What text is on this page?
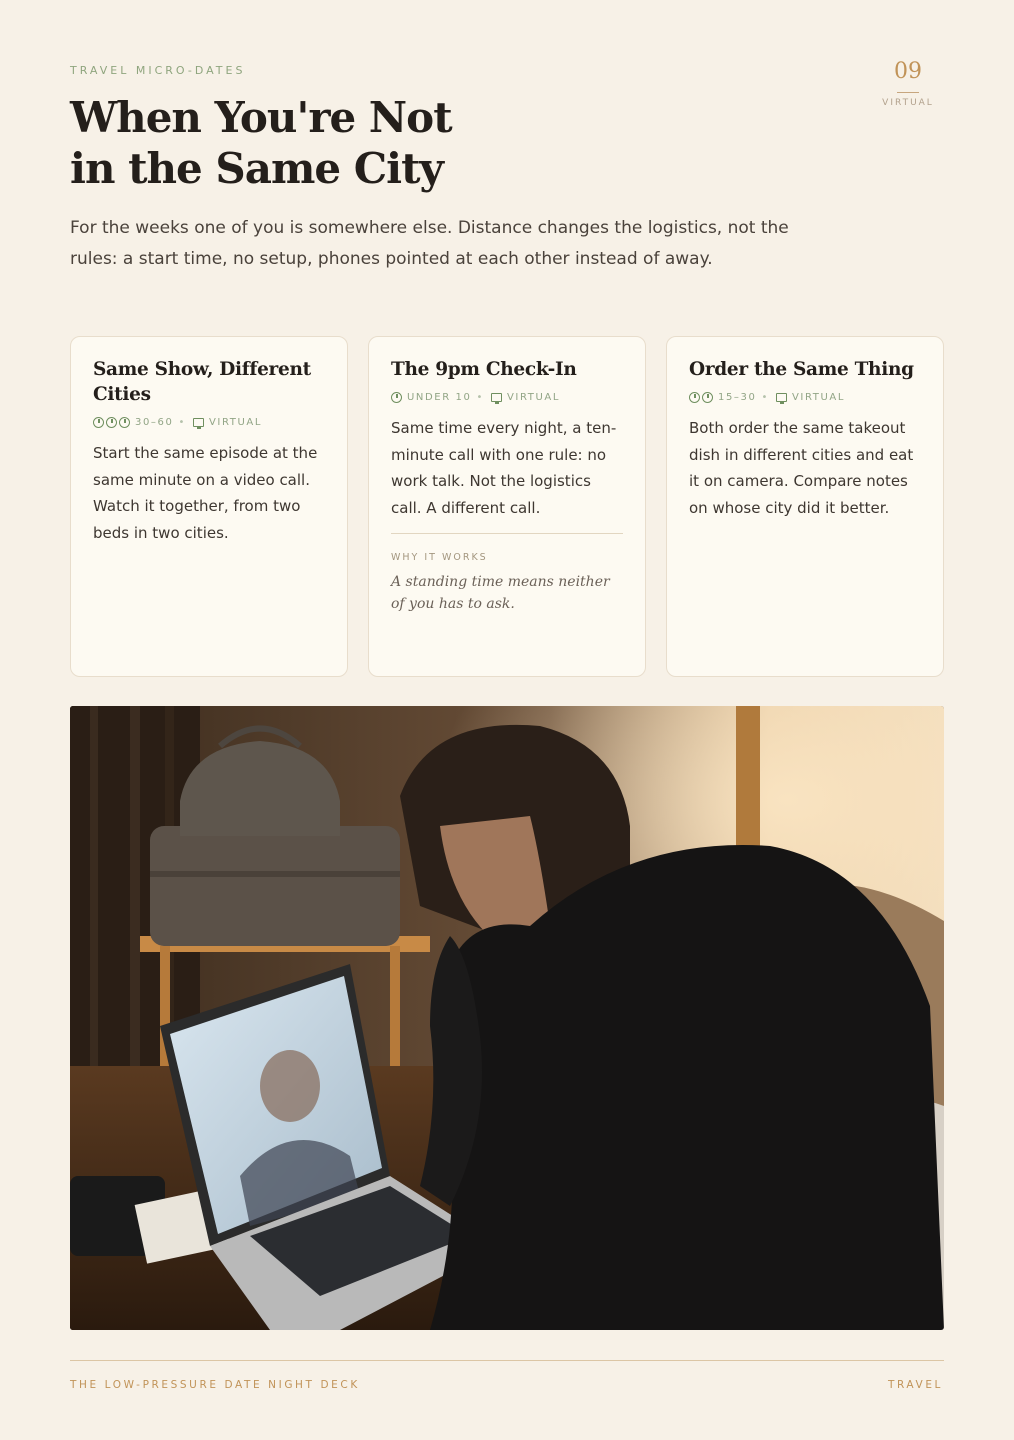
TRAVEL MICRO-DATES	09
VIRTUAL
When You're Not
in the Same City

For the weeks one of you is somewhere else. Distance changes the logistics, not the rules: a start time, no setup, phones pointed at each other instead of away.

Same Show, Different Cities
30–60 • VIRTUAL

Start the same episode at the same minute on a video call. Watch it together, from two beds in two cities.

The 9pm Check-In
UNDER 10 • VIRTUAL

Same time every night, a ten-minute call with one rule: no work talk. Not the logistics call. A different call.

WHY IT WORKS

A standing time means neither of you has to ask.

Order the Same Thing
15–30 • VIRTUAL

Both order the same takeout dish in different cities and eat it on camera. Compare notes on whose city did it better.

THE LOW-PRESSURE DATE NIGHT DECK	TRAVEL
